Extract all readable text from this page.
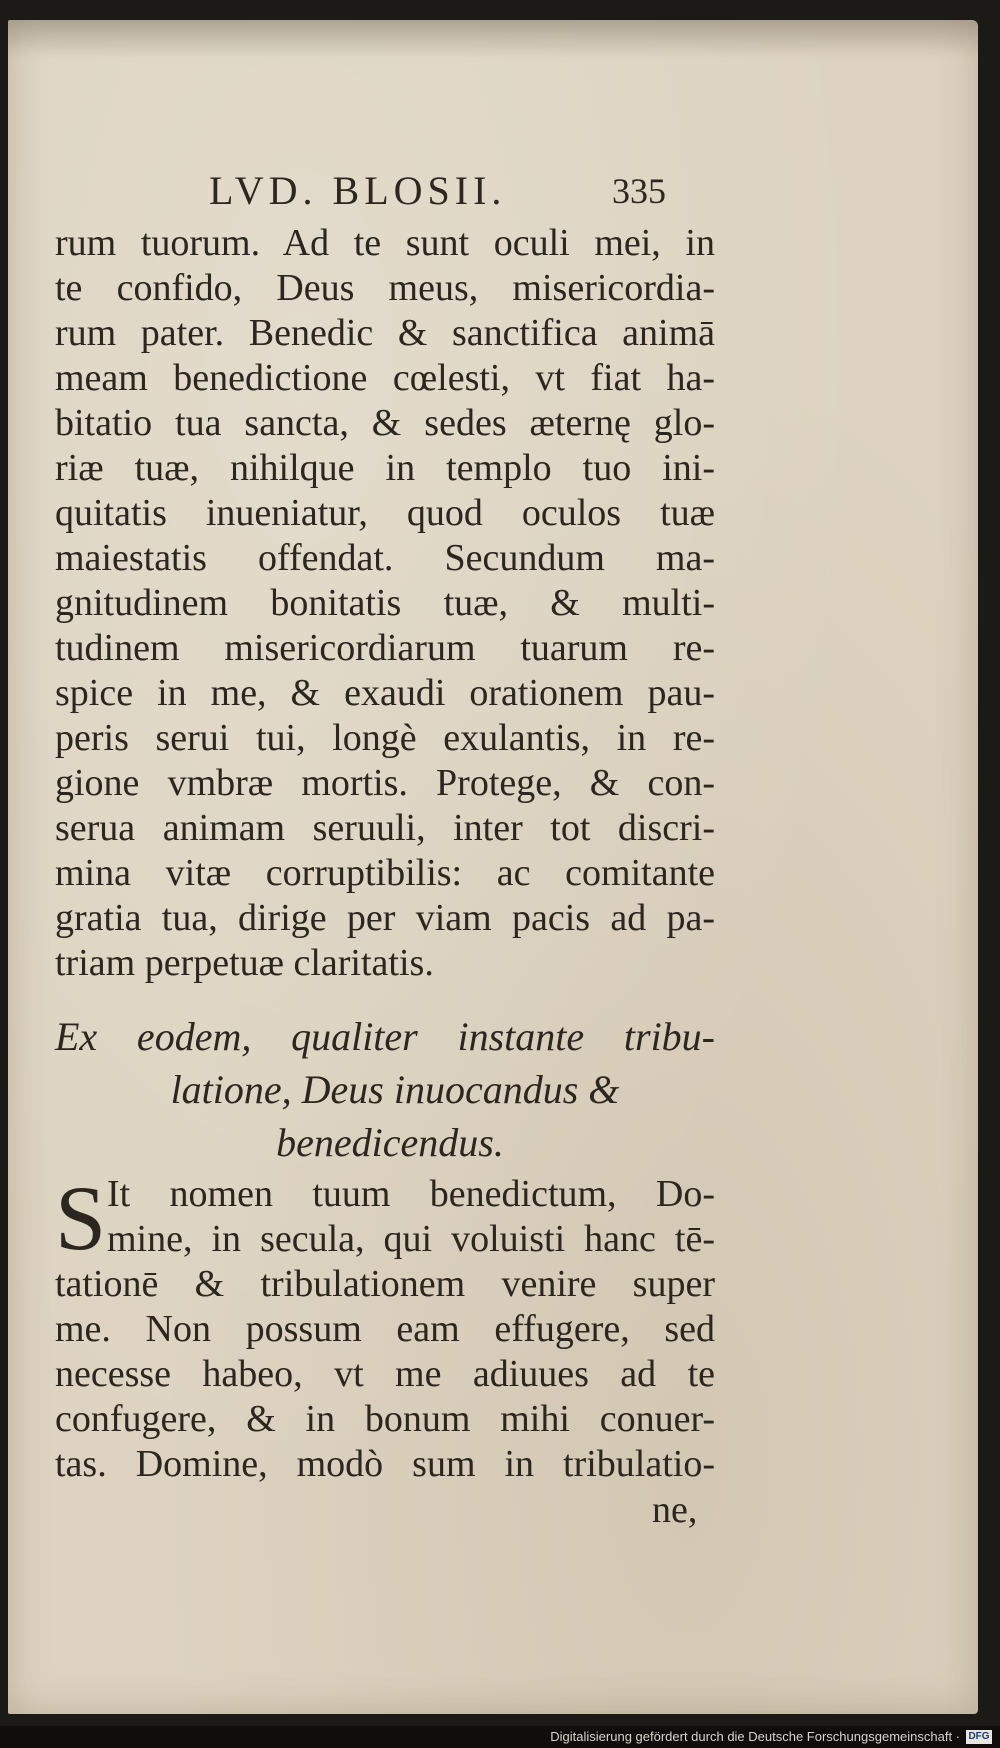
LVD. BLOSII.	335
rum tuorum. Ad te sunt oculi mei, in
te confido, Deus meus, misericordia-
rum pater. Benedic & sanctifica animā
meam benedictione cœlesti, vt fiat ha-
bitatio tua sancta, & sedes æternę glo-
riæ tuæ, nihilque in templo tuo ini-
quitatis inueniatur, quod oculos tuæ
maiestatis offendat. Secundum ma-
gnitudinem bonitatis tuæ, & multi-
tudinem misericordiarum tuarum re-
spice in me, & exaudi orationem pau-
peris serui tui, longè exulantis, in re-
gione vmbræ mortis. Protege, & con-
serua animam seruuli, inter tot discri-
mina vitæ corruptibilis: ac comitante
gratia tua, dirige per viam pacis ad pa-
triam perpetuæ claritatis.
Ex eodem, qualiter instante tribu-
latione, Deus inuocandus &
benedicendus.
S It nomen tuum benedictum, Do-
mine, in secula, qui voluisti hanc tē-
tationē & tribulationem venire super
me. Non possum eam effugere, sed
necesse habeo, vt me adiuues ad te
confugere, & in bonum mihi conuer-
tas. Domine, modò sum in tribulatio-
ne,
Digitalisierung gefördert durch die Deutsche Forschungsgemeinschaft · DFG
